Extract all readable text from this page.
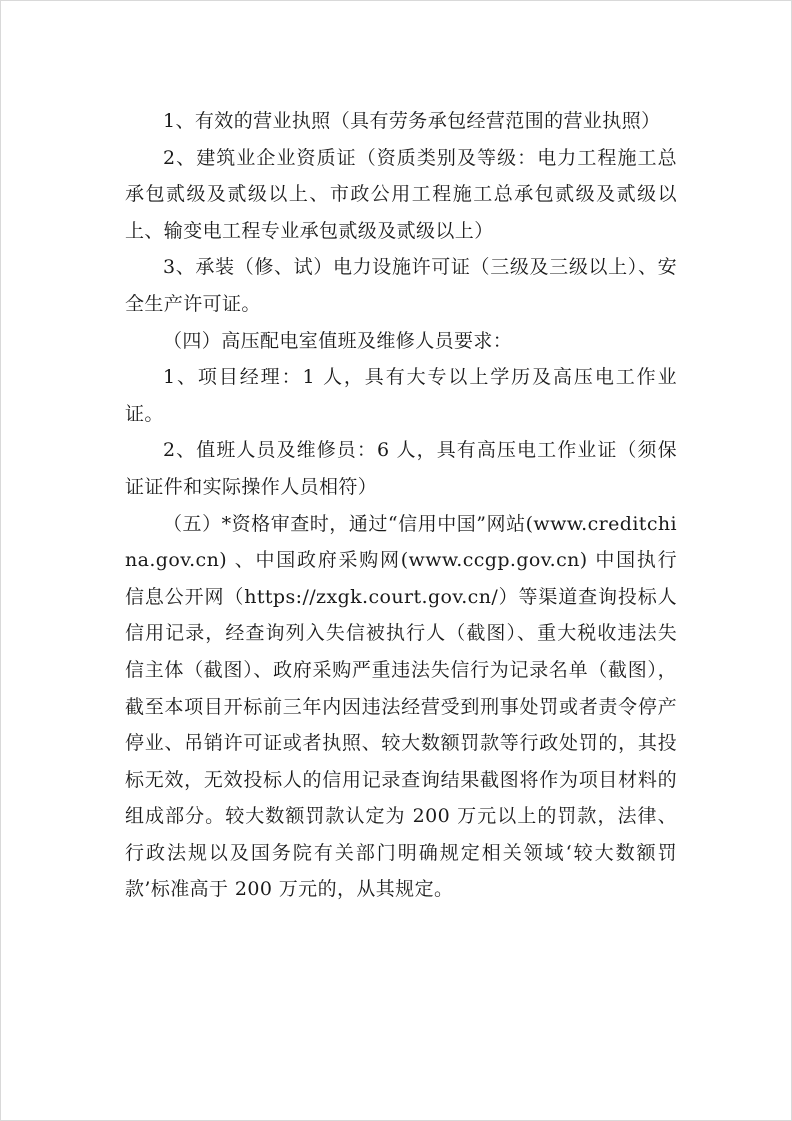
1、有效的营业执照（具有劳务承包经营范围的营业执照）

2、建筑业企业资质证（资质类别及等级：电力工程施工总承包贰级及贰级以上、市政公用工程施工总承包贰级及贰级以上、输变电工程专业承包贰级及贰级以上）

3、承装（修、试）电力设施许可证（三级及三级以上）、安全生产许可证。

（四）高压配电室值班及维修人员要求：

1、项目经理：1 人，具有大专以上学历及高压电工作业证。

2、值班人员及维修员：6 人，具有高压电工作业证（须保证证件和实际操作人员相符）

（五）*资格审查时，通过“信用中国”网站(www.creditchina.gov.cn) 、中国政府采购网(www.ccgp.gov.cn) 中国执行信息公开网（https://zxgk.court.gov.cn/）等渠道查询投标人信用记录，经查询列入失信被执行人（截图）、重大税收违法失信主体（截图）、政府采购严重违法失信行为记录名单（截图），截至本项目开标前三年内因违法经营受到刑事处罚或者责令停产停业、吊销许可证或者执照、较大数额罚款等行政处罚的，其投标无效，无效投标人的信用记录查询结果截图将作为项目材料的组成部分。较大数额罚款认定为 200 万元以上的罚款，法律、行政法规以及国务院有关部门明确规定相关领域‘较大数额罚款’标准高于 200 万元的，从其规定。
